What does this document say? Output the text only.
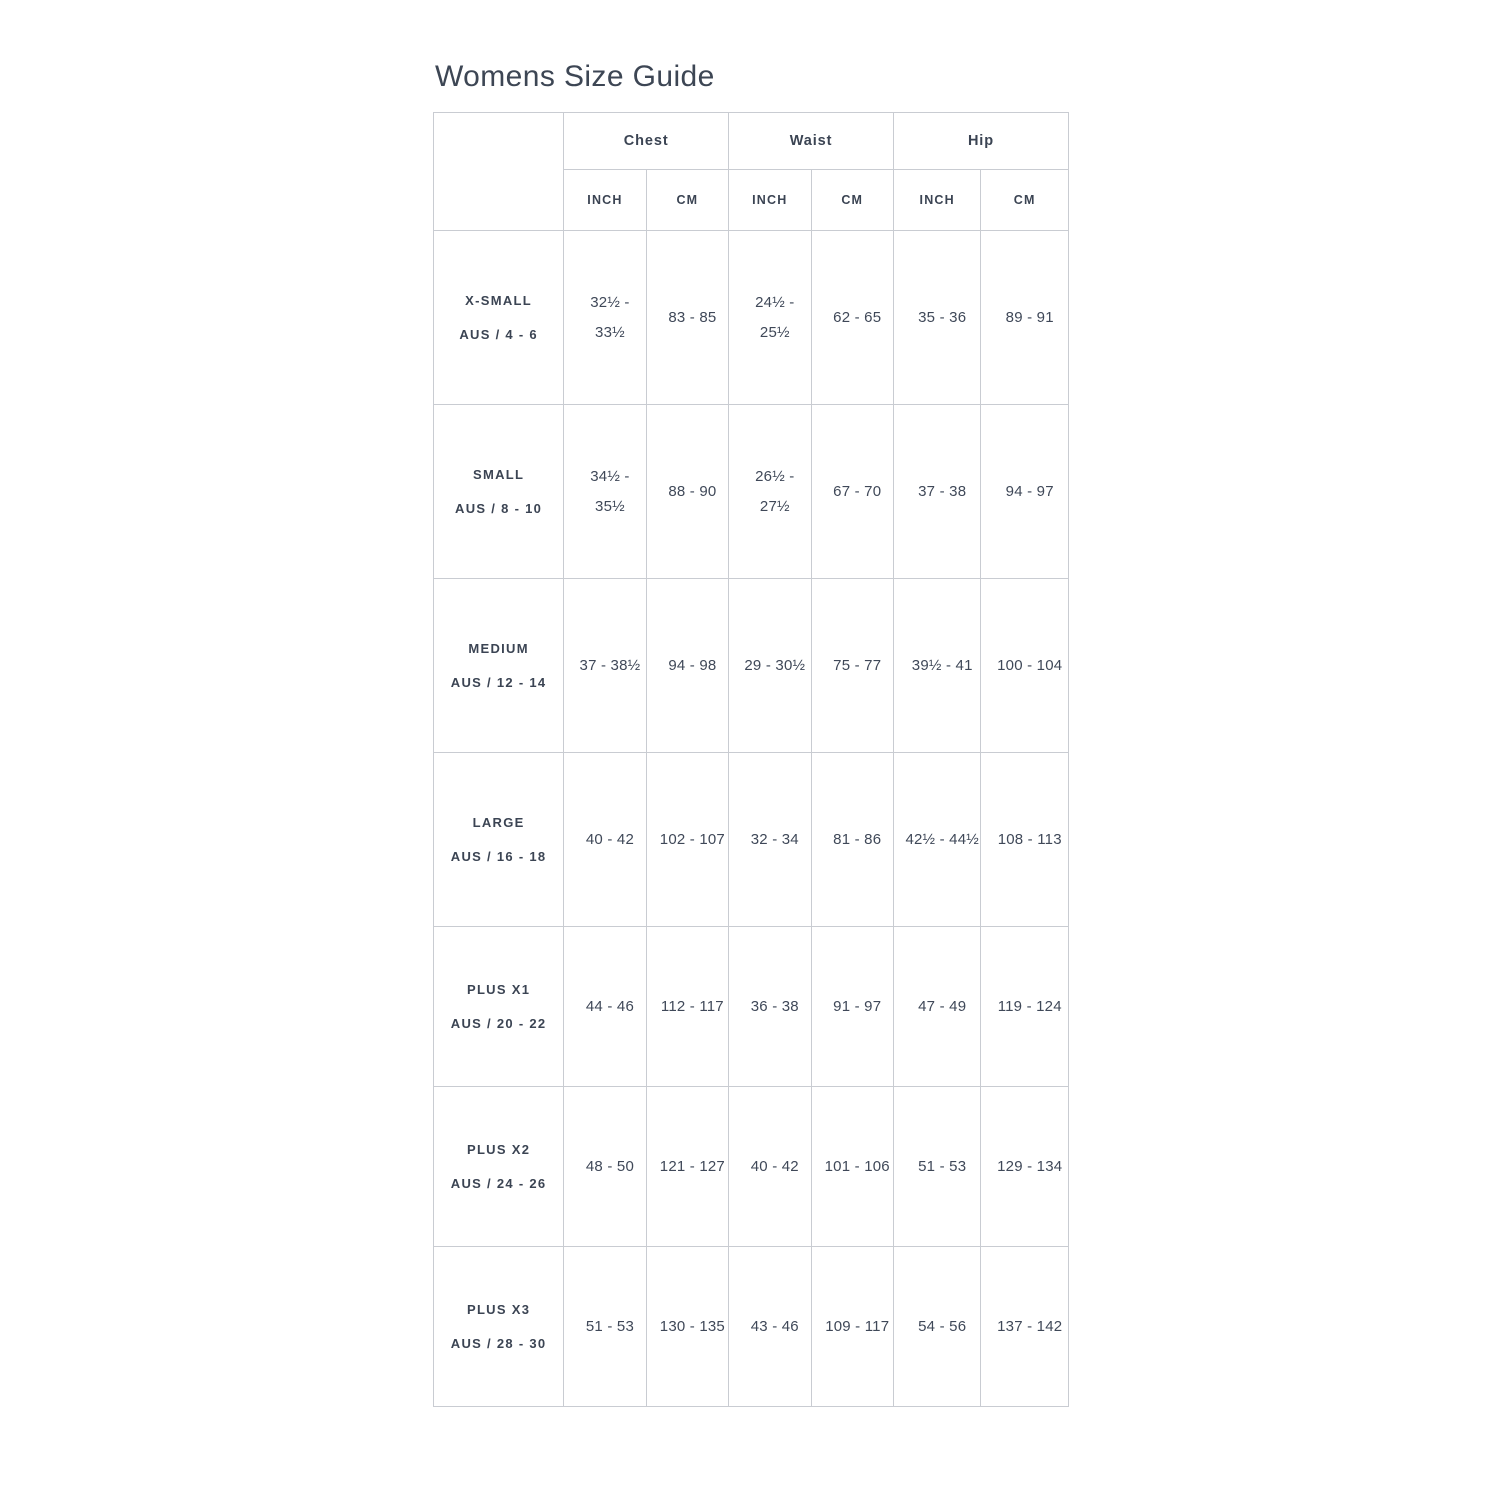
Womens Size Guide
	Chest		Waist		Hip	
	INCH	CM	INCH	CM	INCH	CM
X-SMALL
AUS / 4 - 6	32½ - 33½	83 - 85	24½ - 25½	62 - 65	35 - 36	89 - 91

SMALL
AUS / 8 - 10	34½ - 35½	88 - 90	26½ - 27½	67 - 70	37 - 38	94 - 97

MEDIUM
AUS / 12 - 14	37 - 38½	94 - 98	29 - 30½	75 - 77	39½ - 41	100 - 104

LARGE
AUS / 16 - 18	40 - 42	102 - 107	32 - 34	81 - 86	42½ - 44½	108 - 113

PLUS X1
AUS / 20 - 22	44 - 46	112 - 117	36 - 38	91 - 97	47 - 49	119 - 124

PLUS X2
AUS / 24 - 26	48 - 50	121 - 127	40 - 42	101 - 106	51 - 53	129 - 134

PLUS X3
AUS / 28 - 30	51 - 53	130 - 135	43 - 46	109 - 117	54 - 56	137 - 142
